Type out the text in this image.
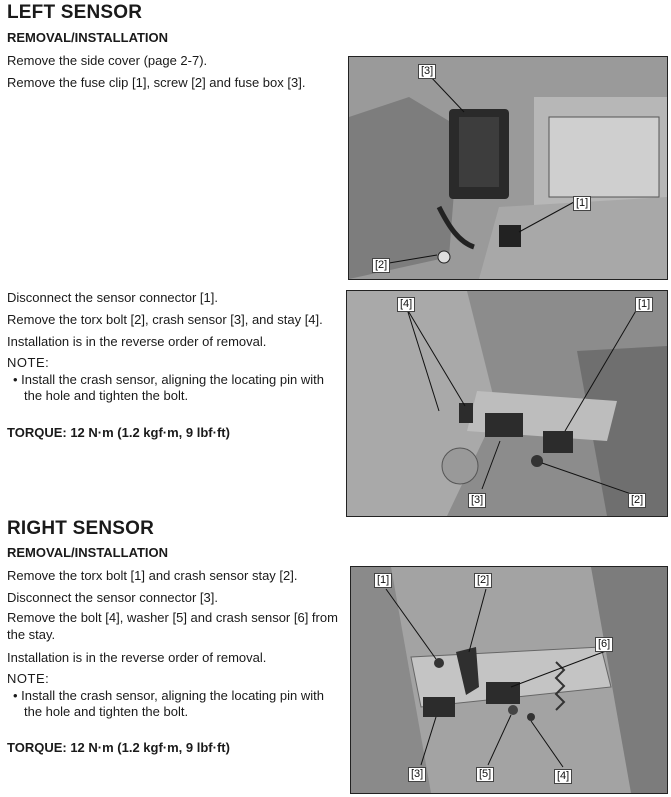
LEFT SENSOR
REMOVAL/INSTALLATION
Remove the side cover (page 2-7).
Remove the fuse clip [1], screw [2] and fuse box [3].
[3]
[1]
[2]
Disconnect the sensor connector [1].
Remove the torx bolt [2], crash sensor [3], and stay [4].
Installation is in the reverse order of removal.
NOTE:
• Install the crash sensor, aligning the locating pin with the hole and tighten the bolt.
TORQUE: 12 N·m (1.2 kgf·m, 9 lbf·ft)
[4]	[1]
[3]	[2]
RIGHT SENSOR
REMOVAL/INSTALLATION
Remove the torx bolt [1] and crash sensor stay [2].
Disconnect the sensor connector [3].
Remove the bolt [4], washer [5] and crash sensor [6] from the stay.
Installation is in the reverse order of removal.
NOTE:
• Install the crash sensor, aligning the locating pin with the hole and tighten the bolt.
TORQUE: 12 N·m (1.2 kgf·m, 9 lbf·ft)
[1]	[2]
[6]
[3]	[5]	[4]
